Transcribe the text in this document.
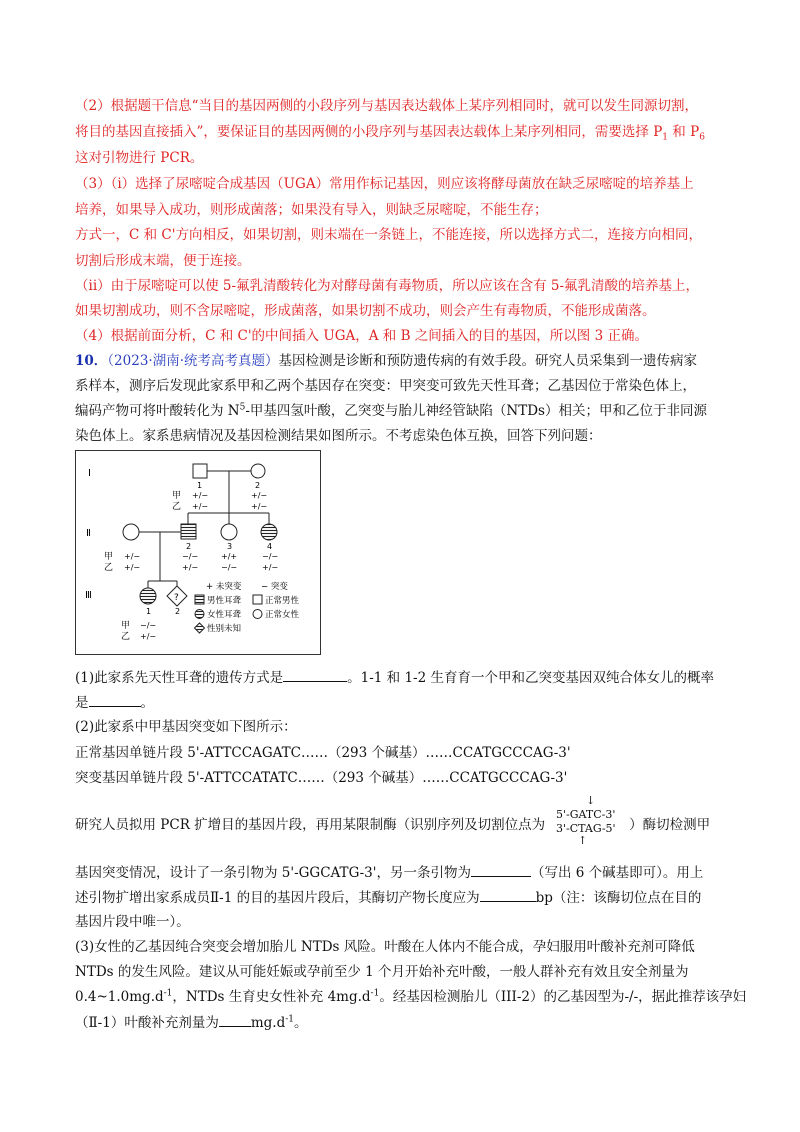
（2）根据题干信息“当目的基因两侧的小段序列与基因表达载体上某序列相同时，就可以发生同源切割，
将目的基因直接插入”，要保证目的基因两侧的小段序列与基因表达载体上某序列相同，需要选择 $P_1$ 和 $P_6$
这对引物进行 PCR。
（3）（i）选择了尿嘧啶合成基因（UGA）常用作标记基因，则应该将酵母菌放在缺乏尿嘧啶的培养基上
培养，如果导入成功，则形成菌落；如果没有导入，则缺乏尿嘧啶，不能生存；
方式一，C 和 C'方向相反，如果切割，则末端在一条链上，不能连接，所以选择方式二，连接方向相同，
切割后形成末端，便于连接。
（ii）由于尿嘧啶可以使 5-氟乳清酸转化为对酵母菌有毒物质，所以应该在含有 5-氟乳清酸的培养基上，
如果切割成功，则不含尿嘧啶，形成菌落，如果切割不成功，则会产生有毒物质，不能形成菌落。
（4）根据前面分析，C 和 C'的中间插入 UGA，A 和 B 之间插入的目的基因，所以图 3 正确。
10．（2023·湖南·统考高考真题）基因检测是诊断和预防遗传病的有效手段。研究人员采集到一遗传病家
系样本，测序后发现此家系甲和乙两个基因存在突变：甲突变可致先天性耳聋；乙基因位于常染色体上，
编码产物可将叶酸转化为 $N^5-$甲基四氢叶酸，乙突变与胎儿神经管缺陷（NTDs）相关；甲和乙位于非同源
染色体上。家系患病情况及基因检测结果如图所示。不考虑染色体互换，回答下列问题：
Ⅰ
Ⅱ
Ⅲ
1	2
甲
乙
+/−
+/−
+/−
+/−
2	3	4
甲
乙
+/−
+/−
−/−
+/−
+/+
−/−
−/−
+/−
?
1	2
甲
乙
−/−
+/−
+ 未突变 − 突变
男性耳聋	正常男性
女性耳聋	正常女性
性别未知
(1)此家系先天性耳聋的遗传方式是	。1-1 和 1-2 生育育一个甲和乙突变基因双纯合体女儿的概率
是	。
(2)此家系中甲基因突变如下图所示：
正常基因单链片段 5'-ATTCCAGATC……（293 个碱基）……CCATGCCCAG-3'
突变基因单链片段 5'-ATTCCATATC……（293 个碱基）……CCATGCCCAG-3'
研究人员拟用 PCR 扩增目的基因片段，再用某限制酶（识别序列及切割位点为	）酶切检测甲
↓
5'-GATC-3'
3'-CTAG-5'
↑
基因突变情况，设计了一条引物为 5'-GGCATG-3'，另一条引物为	（写出 6 个碱基即可）。用上
述引物扩增出家系成员Ⅱ-1 的目的基因片段后，其酶切产物长度应为	bp（注：该酶切位点在目的
基因片段中唯一）。
(3)女性的乙基因纯合突变会增加胎儿 NTDs 风险。叶酸在人体内不能合成，孕妇服用叶酸补充剂可降低
NTDs 的发生风险。建议从可能妊娠或孕前至少 1 个月开始补充叶酸，一般人群补充有效且安全剂量为
$0.4\sim 1.0mg.d^{-1}$，NTDs 生育史女性补充 $4mg.d^{-1}$。经基因检测胎儿（III-2）的乙基因型为-/-，据此推荐该孕妇
（Ⅱ-1）叶酸补充剂量为 $mg.d^{-1}$。
